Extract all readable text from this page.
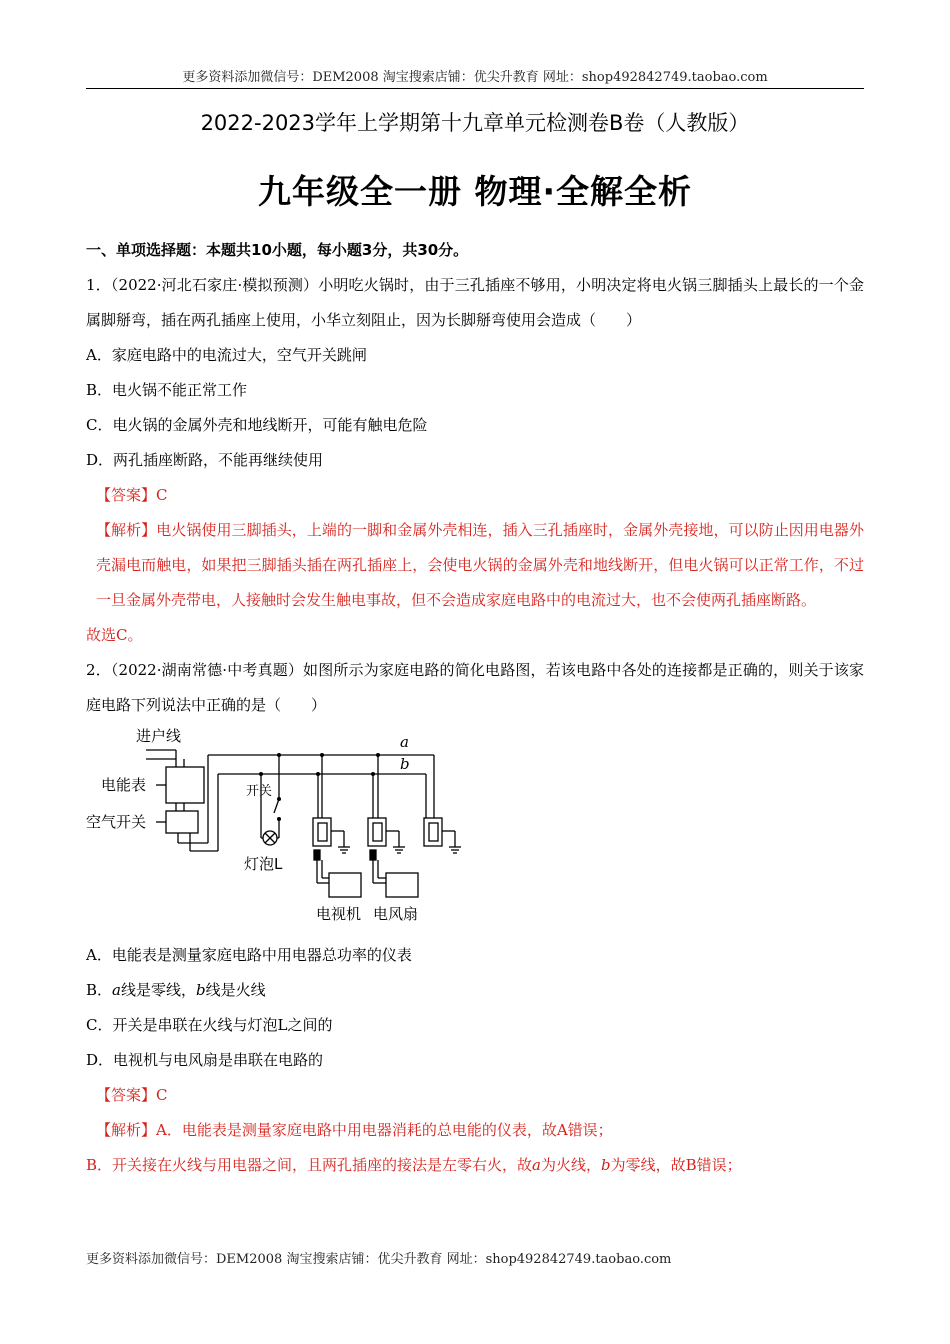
更多资料添加微信号：DEM2008 淘宝搜索店铺：优尖升教育 网址：shop492842749.taobao.com
2022-2023学年上学期第十九章单元检测卷B卷（人教版）
九年级全一册 物理·全解全析
一、单项选择题：本题共10小题，每小题3分，共30分。
1．（2022·河北石家庄·模拟预测）小明吃火锅时，由于三孔插座不够用，小明决定将电火锅三脚插头上最长的一个金属脚掰弯，插在两孔插座上使用，小华立刻阻止，因为长脚掰弯使用会造成（　　）
A．家庭电路中的电流过大，空气开关跳闸
B．电火锅不能正常工作
C．电火锅的金属外壳和地线断开，可能有触电危险
D．两孔插座断路，不能再继续使用
【答案】C
【解析】电火锅使用三脚插头，上端的一脚和金属外壳相连，插入三孔插座时，金属外壳接地，可以防止因用电器外壳漏电而触电，如果把三脚插头插在两孔插座上，会使电火锅的金属外壳和地线断开，但电火锅可以正常工作，不过一旦金属外壳带电，人接触时会发生触电事故，但不会造成家庭电路中的电流过大，也不会使两孔插座断路。
故选C。
2．（2022·湖南常德·中考真题）如图所示为家庭电路的简化电路图，若该电路中各处的连接都是正确的，则关于该家庭电路下列说法中正确的是（　　）
进户线
电能表
空气开关
开关
灯泡L
电视机 电风扇
a
b
A．电能表是测量家庭电路中用电器总功率的仪表
B．a线是零线，b线是火线
C．开关是串联在火线与灯泡L之间的
D．电视机与电风扇是串联在电路的
【答案】C
【解析】A．电能表是测量家庭电路中用电器消耗的总电能的仪表，故A错误；
B．开关接在火线与用电器之间，且两孔插座的接法是左零右火，故a为火线，b为零线，故B错误；
更多资料添加微信号：DEM2008 淘宝搜索店铺：优尖升教育 网址：shop492842749.taobao.com
